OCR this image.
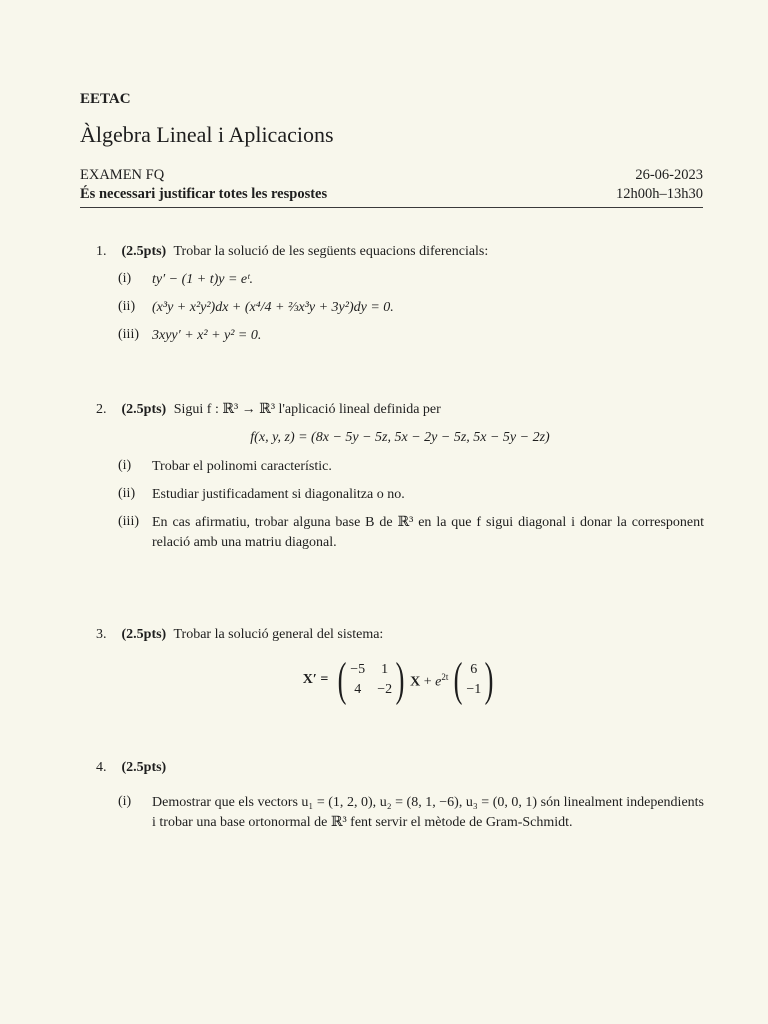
EETAC
Àlgebra Lineal i Aplicacions
EXAMEN FQ
És necessari justificar totes les respostes
26-06-2023
12h00h–13h30
1. (2.5pts) Trobar la solució de les següents equacions diferencials:
(i)	ty′ − (1 + t)y = eᵗ.
(ii)	(x³y + x²y²)dx + (x⁴/4 + ⅔x³y + 3y²)dy = 0.
(iii) 3xyy′ + x² + y² = 0.
2. (2.5pts) Sigui f : ℝ³ → ℝ³ l'aplicació lineal definida per
f(x, y, z) = (8x − 5y − 5z, 5x − 2y − 5z, 5x − 5y − 2z)
(i)	Trobar el polinomi característic.
(ii)	Estudiar justificadament si diagonalitza o no.
(iii) En cas afirmatiu, trobar alguna base B de ℝ³ en la que f sigui diagonal i donar la corresponent relació amb una matriu diagonal.
3. (2.5pts) Trobar la solució general del sistema:
X′ = ( −5 1
4 −2 ) $X + e^{2t}$ ( 6
−1 )
4. (2.5pts)
(i)	Demostrar que els vectors u₁ = (1, 2, 0), u₂ = (8, 1, −6), u₃ = (0, 0, 1) són linealment independients i trobar una base ortonormal de ℝ³ fent servir el mètode de Gram-Schmidt.
